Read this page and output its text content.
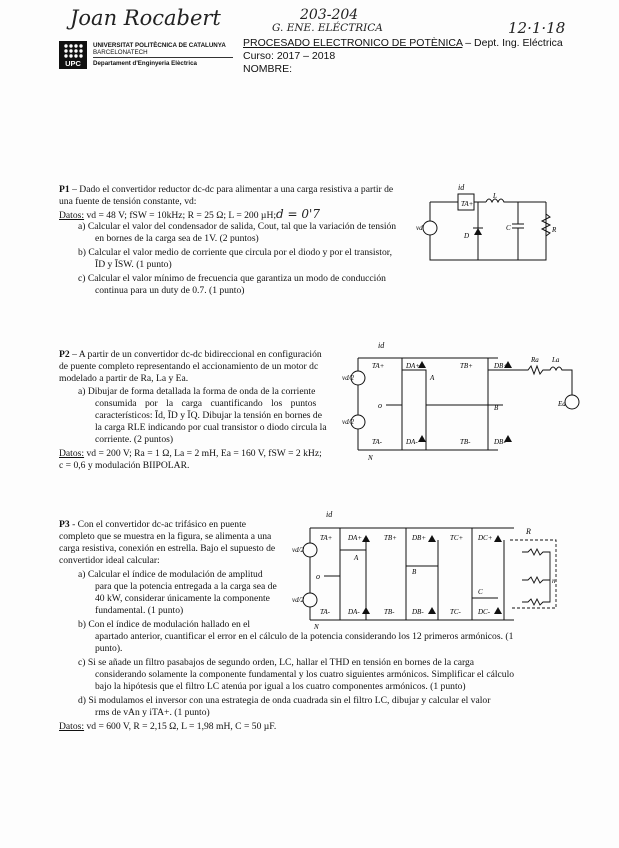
Joan Rocabert	203-204
G. ENE. ELÉCTRICA	12·1·18
UPC
UNIVERSITAT POLITÈCNICA DE CATALUNYA
BARCELONATECH
Departament d'Enginyeria Elèctrica
PROCESADO ELECTRONICO DE POTÈNICA – Dept. Ing. Eléctrica
Curso: 2017 – 2018
NOMBRE:
P1 – Dado el convertidor reductor dc-dc para alimentar a una carga resistiva a partir de
una fuente de tensión constante, vd:
Datos: vd = 48 V; fSW = 10kHz; R = 25 Ω; L = 200 µH;d = 0'7
a) Calcular el valor del condensador de salida, Cout, tal que la variación de tensión
en bornes de la carga sea de 1V. (2 puntos)
b) Calcular el valor medio de corriente que circula por el diodo y por el transistor,
ĪD y ĪSW. (1 punto)
c) Calcular el valor mínimo de frecuencia que garantiza un modo de conducción
continua para un duty de 0.7. (1 punto)
id
vd
TA+
L
D
C	R
P2 – A partir de un convertidor dc-dc bidireccional en configuración
de puente completo representando el accionamiento de un motor dc
modelado a partir de Ra, La y Ea.
a) Dibujar de forma detallada la forma de onda de la corriente
consumida por la carga cuantificando los puntos
característicos: Īd, ĪD y ĪQ. Dibujar la tensión en bornes de
la carga RLE indicando por cual transistor o diodo circula la
corriente. (2 puntos)
Datos: vd = 200 V; Ra = 1 Ω, La = 2 mH, Ea = 160 V, fSW = 2 kHz;
c = 0,6 y modulación BIIPOLAR.
id
vd/2
vd/2
TA+	DA+	TB+	DB+
TA-	DA-	TB-	DB-
A
B
o
N
Ra La
Ea
P3 - Con el convertidor dc-ac trifásico en puente
completo que se muestra en la figura, se alimenta a una
carga resistiva, conexión en estrella. Bajo el supuesto de
convertidor ideal calcular:
a) Calcular el índice de modulación de amplitud
para que la potencia entregada a la carga sea de
40 kW, considerar únicamente la componente
fundamental. (1 punto)
b) Con el índice de modulación hallado en el
apartado anterior, cuantificar el error en el cálculo de la potencia considerando los 12 primeros armónicos. (1
punto).
c) Si se añade un filtro pasabajos de segundo orden, LC, hallar el THD en tensión en bornes de la carga
considerando solamente la componente fundamental y los cuatro siguientes armónicos. Simplificar el cálculo
bajo la hipótesis que el filtro LC atenúa por igual a los cuatro componentes armónicos. (1 punto)
d) Si modulamos el inversor con una estrategia de onda cuadrada sin el filtro LC, dibujar y calcular el valor
rms de vAn y iTA+. (1 punto)
Datos: vd = 600 V, R = 2,15 Ω, L = 1,98 mH, C = 50 µF.
id
vd/2
vd/2
TA+ DA+	TB+ DB+	TC+ DC+
TA-	DA-	TB-	DB-	TC- DC-
A
B
C
o
N
n
R
